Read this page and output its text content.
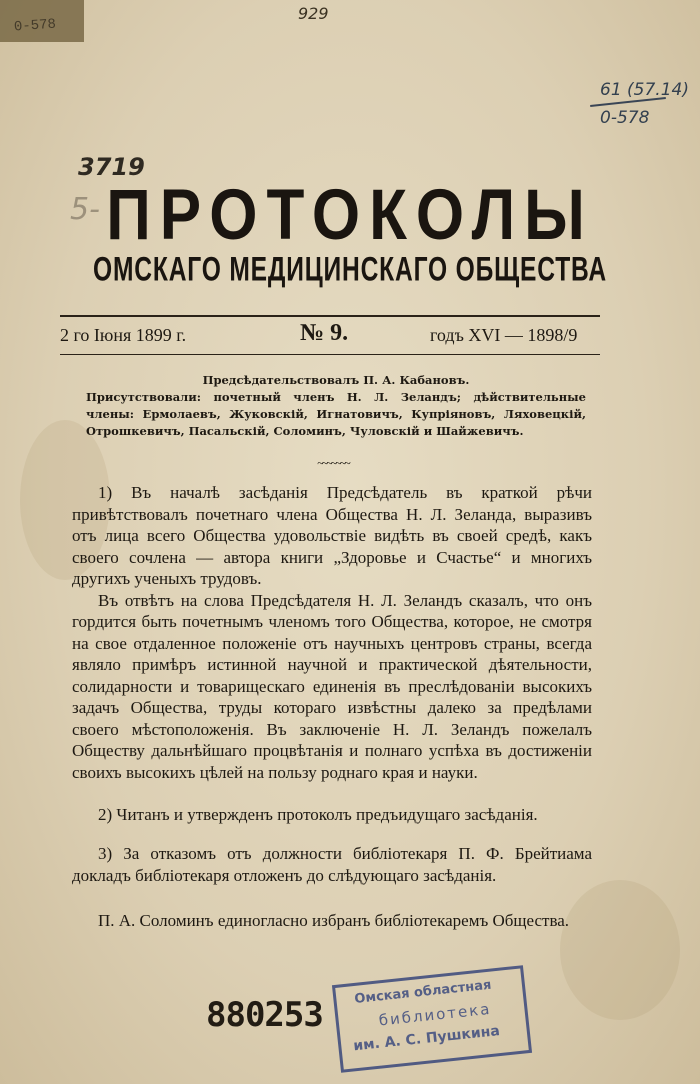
0-578
929
61 (57.14)
0-578
3719
5- ПРОТОКОЛЫ
ОМСКАГО МЕДИЦИНСКАГО ОБЩЕСТВА
2 го Іюня 1899 г.	№ 9.	годъ XVI — 1898/9
Предсѣдательствовалъ П. А. Кабановъ.
Присутствовали: почетный членъ Н. Л. Зеландъ; дѣйствительные члены: Ермолаевъ, Жуковскій, Игнатовичъ, Купріяновъ, Ляховецкій, Отрошкевичъ, Пасальскій, Соломинъ, Чуловскій и Шайжевичъ.
~~~~~~~

1) Въ началѣ засѣданія Предсѣдатель въ краткой рѣчи привѣтствовалъ почетнаго члена Общества Н. Л. Зеланда, выразивъ отъ лица всего Общества удовольствіе видѣть въ своей средѣ, какъ своего сочлена — автора книги „Здоровье и Счастье“ и многихъ другихъ ученыхъ трудовъ.

Въ отвѣтъ на слова Предсѣдателя Н. Л. Зеландъ сказалъ, что онъ гордится быть почетнымъ членомъ того Общества, которое, не смотря на свое отдаленное положеніе отъ научныхъ центровъ страны, всегда являло примѣръ истинной научной и практической дѣятельности, солидарности и товарищескаго единенія въ преслѣдованіи высокихъ задачъ Общества, труды котораго извѣстны далеко за предѣлами своего мѣстоположенія. Въ заключеніе Н. Л. Зеландъ пожелалъ Обществу дальнѣйшаго процвѣтанія и полнаго успѣха въ достиженіи своихъ высокихъ цѣлей на пользу роднаго края и науки.

2) Читанъ и утвержденъ протоколъ предъидущаго засѣданія.

3) За отказомъ отъ должности библіотекаря П. Ф. Брейтиама докладъ библіотекаря отложенъ до слѣдующаго засѣданія.

П. А. Соломинъ единогласно избранъ библіотекаремъ Общества.

880253
Омская областная
библиотека
им. А. С. Пушкина
